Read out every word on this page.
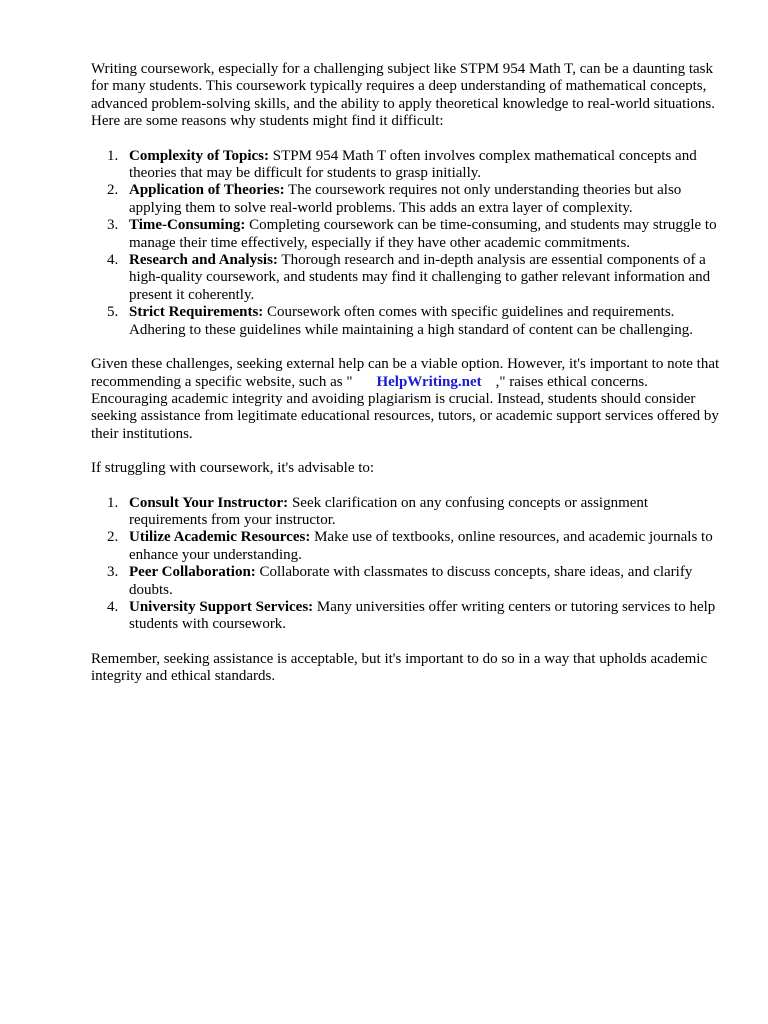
Writing coursework, especially for a challenging subject like STPM 954 Math T, can be a daunting task for many students. This coursework typically requires a deep understanding of mathematical concepts, advanced problem-solving skills, and the ability to apply theoretical knowledge to real-world situations. Here are some reasons why students might find it difficult:

1. Complexity of Topics: STPM 954 Math T often involves complex mathematical concepts and theories that may be difficult for students to grasp initially.
2. Application of Theories: The coursework requires not only understanding theories but also applying them to solve real-world problems. This adds an extra layer of complexity.
3. Time-Consuming: Completing coursework can be time-consuming, and students may struggle to manage their time effectively, especially if they have other academic commitments.
4. Research and Analysis: Thorough research and in-depth analysis are essential components of a high-quality coursework, and students may find it challenging to gather relevant information and present it coherently.
5. Strict Requirements: Coursework often comes with specific guidelines and requirements. Adhering to these guidelines while maintaining a high standard of content can be challenging.

Given these challenges, seeking external help can be a viable option. However, it's important to note that recommending a specific website, such as " HelpWriting.net ," raises ethical concerns. Encouraging academic integrity and avoiding plagiarism is crucial. Instead, students should consider seeking assistance from legitimate educational resources, tutors, or academic support services offered by their institutions.

If struggling with coursework, it's advisable to:

1. Consult Your Instructor: Seek clarification on any confusing concepts or assignment requirements from your instructor.
2. Utilize Academic Resources: Make use of textbooks, online resources, and academic journals to enhance your understanding.
3. Peer Collaboration: Collaborate with classmates to discuss concepts, share ideas, and clarify doubts.
4. University Support Services: Many universities offer writing centers or tutoring services to help students with coursework.

Remember, seeking assistance is acceptable, but it's important to do so in a way that upholds academic integrity and ethical standards.
